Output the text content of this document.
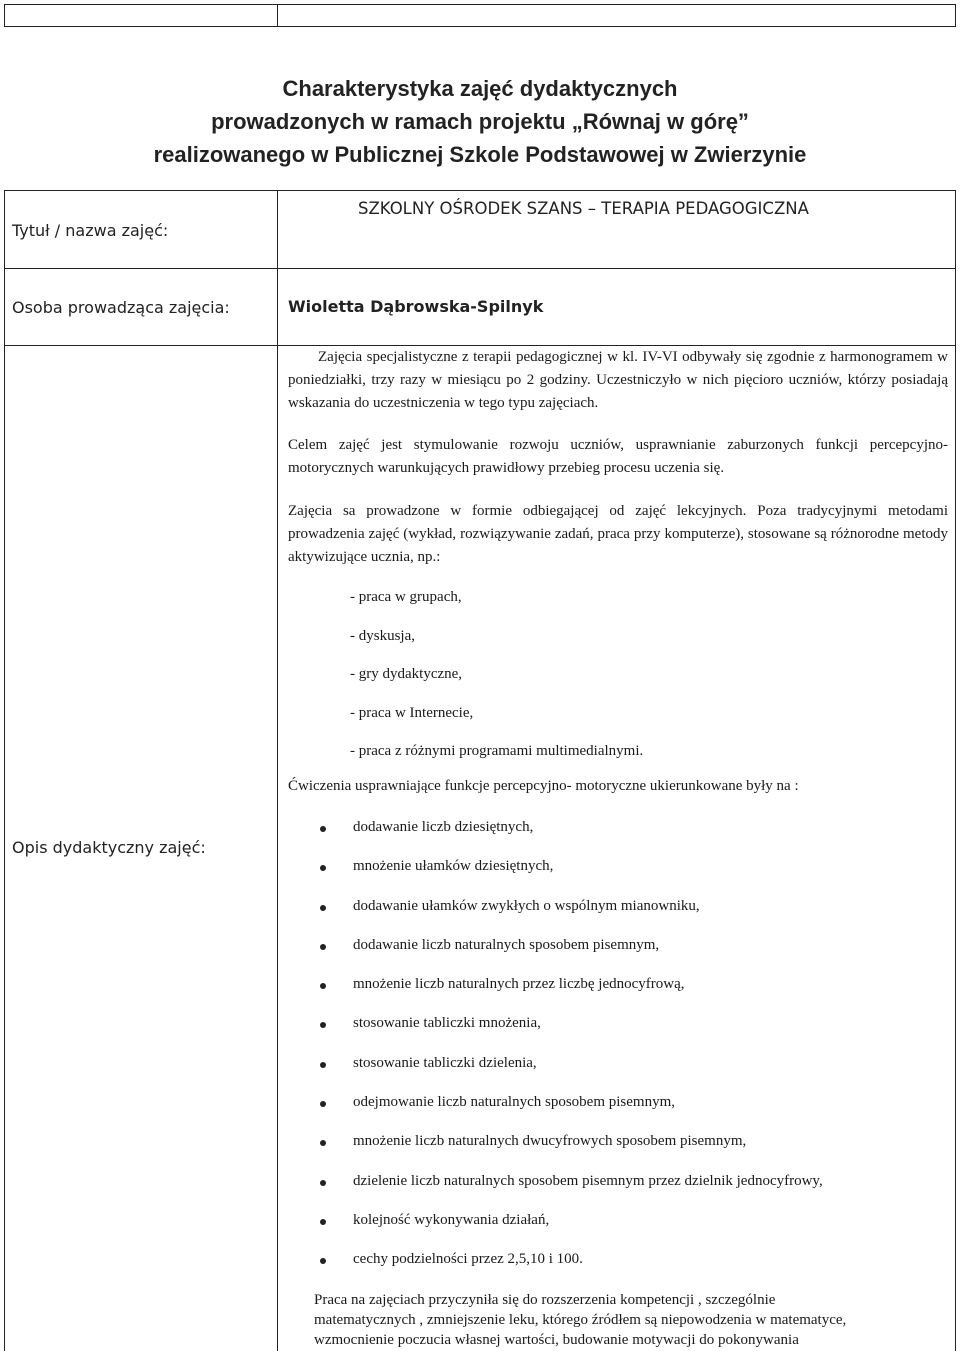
Charakterystyka zajęć dydaktycznych
prowadzonych w ramach projektu „Równaj w górę”
realizowanego w Publicznej Szkole Podstawowej w Zwierzynie
Tytuł / nazwa zajęć:
SZKOLNY OŚRODEK SZANS – TERAPIA PEDAGOGICZNA
Osoba prowadząca zajęcia:	Wioletta Dąbrowska-Spilnyk
Opis dydaktyczny zajęć:

Zajęcia specjalistyczne z terapii pedagogicznej w kl. IV-VI odbywały się zgodnie z harmonogramem w poniedziałki, trzy razy w miesiącu po 2 godziny. Uczestniczyło w nich pięcioro uczniów, którzy posiadają wskazania do uczestniczenia w tego typu zajęciach.

Celem zajęć jest stymulowanie rozwoju uczniów, usprawnianie zaburzonych funkcji percepcyjno-motorycznych warunkujących prawidłowy przebieg procesu uczenia się.

Zajęcia sa prowadzone w formie odbiegającej od zajęć lekcyjnych. Poza tradycyjnymi metodami prowadzenia zajęć (wykład, rozwiązywanie zadań, praca przy komputerze), stosowane są różnorodne metody aktywizujące ucznia, np.:

- praca w grupach,
- dyskusja,
- gry dydaktyczne,
- praca w Internecie,
- praca z różnymi programami multimedialnymi.
Ćwiczenia usprawniające funkcje percepcyjno- motoryczne ukierunkowane były na :
dodawanie liczb dziesiętnych,
mnożenie ułamków dziesiętnych,
dodawanie ułamków zwykłych o wspólnym mianowniku,
dodawanie liczb naturalnych sposobem pisemnym,
mnożenie liczb naturalnych przez liczbę jednocyfrową,
stosowanie tabliczki mnożenia,
stosowanie tabliczki dzielenia,
odejmowanie liczb naturalnych sposobem pisemnym,
mnożenie liczb naturalnych dwucyfrowych sposobem pisemnym,
dzielenie liczb naturalnych sposobem pisemnym przez dzielnik jednocyfrowy,
kolejność wykonywania działań,
cechy podzielności przez 2,5,10 i 100.

Praca na zajęciach przyczyniła się do rozszerzenia kompetencji , szczególnie

matematycznych , zmniejszenie leku, którego źródłem są niepowodzenia w matematyce,

wzmocnienie poczucia własnej wartości, budowanie motywacji do pokonywania
